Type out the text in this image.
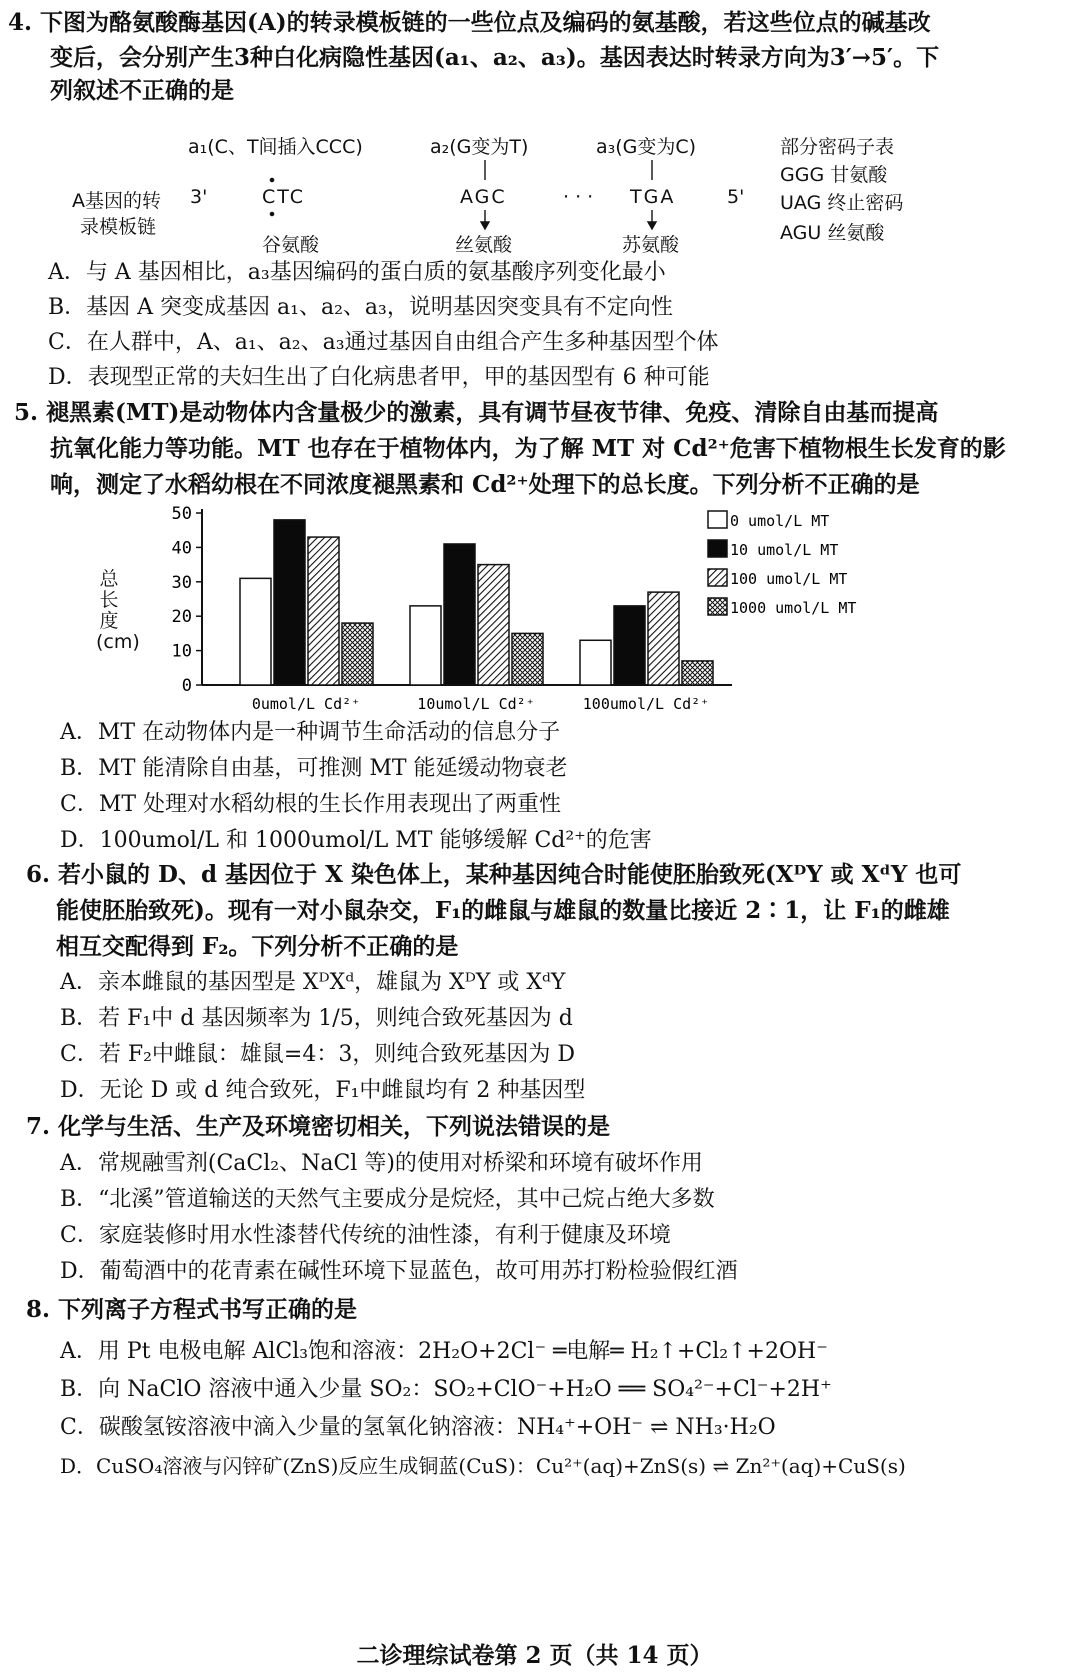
4. 下图为酪氨酸酶基因(A)的转录模板链的一些位点及编码的氨基酸，若这些位点的碱基改
变后，会分别产生3种白化病隐性基因(a₁、a₂、a₃)。基因表达时转录方向为3′→5′。下
列叙述不正确的是
a₁(C、T间插入CCC)	a₂(G变为T)	a₃(G变为C)	部分密码子表
GGG 甘氨酸
UAG 终止密码
AGU 丝氨酸
A基因的转
录模板链
3'	CTC	AGC	· · · TGA	5'
谷氨酸	丝氨酸	苏氨酸
A．与 A 基因相比，a₃基因编码的蛋白质的氨基酸序列变化最小
B．基因 A 突变成基因 a₁、a₂、a₃，说明基因突变具有不定向性
C．在人群中，A、a₁、a₂、a₃通过基因自由组合产生多种基因型个体
D．表现型正常的夫妇生出了白化病患者甲，甲的基因型有 6 种可能
5. 褪黑素(MT)是动物体内含量极少的激素，具有调节昼夜节律、免疫、清除自由基而提高
抗氧化能力等功能。MT 也存在于植物体内，为了解 MT 对 Cd²⁺危害下植物根生长发育的影
响，测定了水稻幼根在不同浓度褪黑素和 Cd²⁺处理下的总长度。下列分析不正确的是
0
10
20
30
40
50
0umol/L Cd²⁺	10umol/L Cd²⁺	100umol/L Cd²⁺
0 umol/L MT
10 umol/L MT
100 umol/L MT
1000 umol/L MT
总长度(cm)
A．MT 在动物体内是一种调节生命活动的信息分子
B．MT 能清除自由基，可推测 MT 能延缓动物衰老
C．MT 处理对水稻幼根的生长作用表现出了两重性
D．100umol/L 和 1000umol/L MT 能够缓解 Cd²⁺的危害
6. 若小鼠的 D、d 基因位于 X 染色体上，某种基因纯合时能使胚胎致死(XᴰY 或 XᵈY 也可
能使胚胎致死)。现有一对小鼠杂交，F₁的雌鼠与雄鼠的数量比接近 2∶1，让 F₁的雌雄
相互交配得到 F₂。下列分析不正确的是
A．亲本雌鼠的基因型是 XᴰXᵈ，雄鼠为 XᴰY 或 XᵈY
B．若 F₁中 d 基因频率为 1/5，则纯合致死基因为 d
C．若 F₂中雌鼠：雄鼠=4：3，则纯合致死基因为 D
D．无论 D 或 d 纯合致死，F₁中雌鼠均有 2 种基因型
7. 化学与生活、生产及环境密切相关，下列说法错误的是
A．常规融雪剂(CaCl₂、NaCl 等)的使用对桥梁和环境有破坏作用
B．“北溪”管道输送的天然气主要成分是烷烃，其中己烷占绝大多数
C．家庭装修时用水性漆替代传统的油性漆，有利于健康及环境
D．葡萄酒中的花青素在碱性环境下显蓝色，故可用苏打粉检验假红酒
8. 下列离子方程式书写正确的是
A．用 Pt 电极电解 AlCl₃饱和溶液：2H₂O+2Cl⁻ ═电解═ H₂↑+Cl₂↑+2OH⁻
B．向 NaClO 溶液中通入少量 SO₂：SO₂+ClO⁻+H₂O ══ SO₄²⁻+Cl⁻+2H⁺
C．碳酸氢铵溶液中滴入少量的氢氧化钠溶液：NH₄⁺+OH⁻ ⇌ NH₃·H₂O
D．CuSO₄溶液与闪锌矿(ZnS)反应生成铜蓝(CuS)：Cu²⁺(aq)+ZnS(s) ⇌ Zn²⁺(aq)+CuS(s)
二诊理综试卷第 2 页（共 14 页）
